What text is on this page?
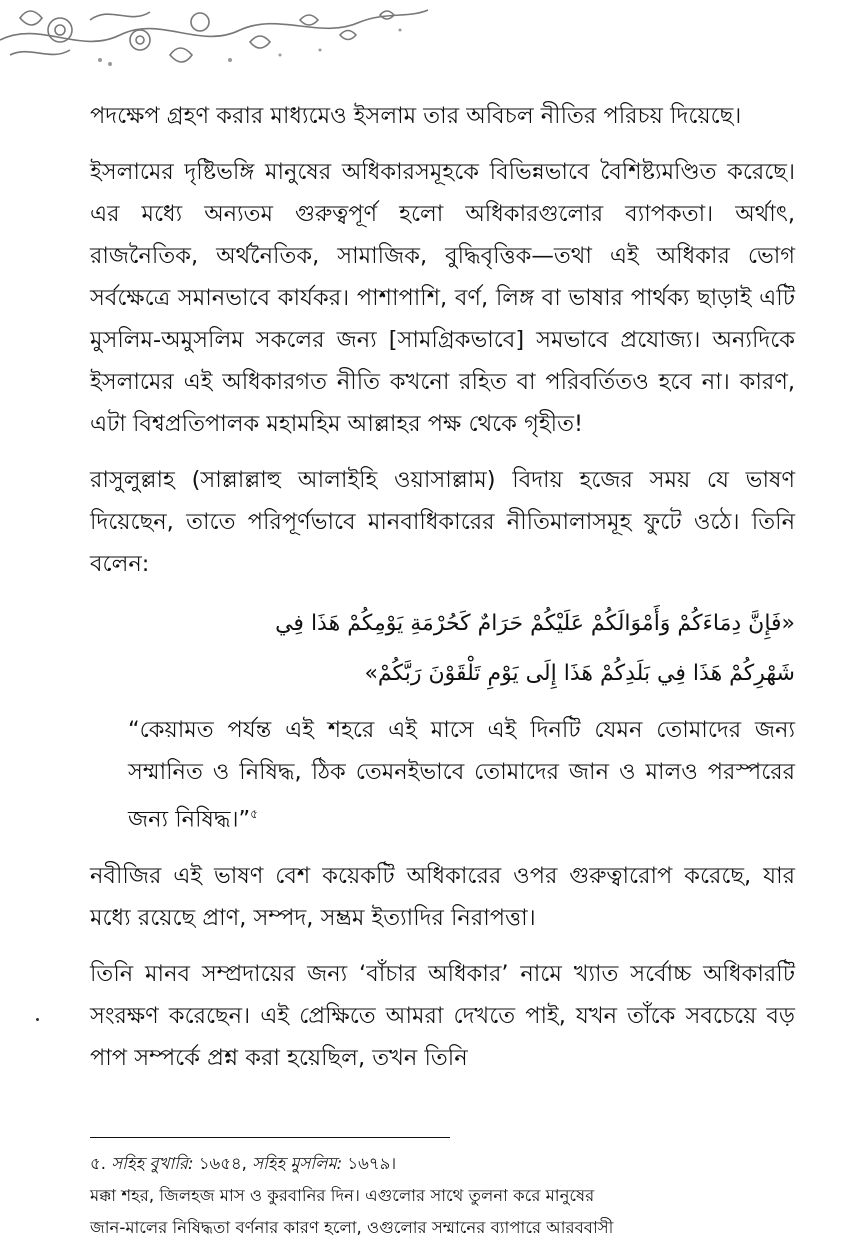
পদক্ষেপ গ্রহণ করার মাধ্যমেও ইসলাম তার অবিচল নীতির পরিচয় দিয়েছে।

ইসলামের দৃষ্টিভঙ্গি মানুষের অধিকারসমূহকে বিভিন্নভাবে বৈশিষ্ট্যমণ্ডিত করেছে। এর মধ্যে অন্যতম গুরুত্বপূর্ণ হলো অধিকারগুলোর ব্যাপকতা। অর্থাৎ, রাজনৈতিক, অর্থনৈতিক, সামাজিক, বুদ্ধিবৃত্তিক—তথা এই অধিকার ভোগ সর্বক্ষেত্রে সমানভাবে কার্যকর। পাশাপাশি, বর্ণ, লিঙ্গ বা ভাষার পার্থক্য ছাড়াই এটি মুসলিম-অমুসলিম সকলের জন্য [সামগ্রিকভাবে] সমভাবে প্রযোজ্য। অন্যদিকে ইসলামের এই অধিকারগত নীতি কখনো রহিত বা পরিবর্তিতও হবে না। কারণ, এটা বিশ্বপ্রতিপালক মহামহিম আল্লাহর পক্ষ থেকে গৃহীত!

রাসুলুল্লাহ (সাল্লাল্লাহু আলাইহি ওয়াসাল্লাম) বিদায় হজের সময় যে ভাষণ দিয়েছেন, তাতে পরিপূর্ণভাবে মানবাধিকারের নীতিমালাসমূহ ফুটে ওঠে। তিনি বলেন:

«فَإِنَّ دِمَاءَكُمْ وَأَمْوَالَكُمْ عَلَيْكُمْ حَرَامٌ كَحُرْمَةِ يَوْمِكُمْ هَذَا فِي
شَهْرِكُمْ هَذَا فِي بَلَدِكُمْ هَذَا إِلَى يَوْمِ تَلْقَوْنَ رَبَّكُمْ»

“কেয়ামত পর্যন্ত এই শহরে এই মাসে এই দিনটি যেমন তোমাদের জন্য সম্মানিত ও নিষিদ্ধ, ঠিক তেমনইভাবে তোমাদের জান ও মালও পরস্পরের জন্য নিষিদ্ধ।”$^৫$

নবীজির এই ভাষণ বেশ কয়েকটি অধিকারের ওপর গুরুত্বারোপ করেছে, যার মধ্যে রয়েছে প্রাণ, সম্পদ, সম্ভ্রম ইত্যাদির নিরাপত্তা।

তিনি মানব সম্প্রদায়ের জন্য ‘বাঁচার অধিকার’ নামে খ্যাত সর্বোচ্চ অধিকারটি সংরক্ষণ করেছেন। এই প্রেক্ষিতে আমরা দেখতে পাই, যখন তাঁকে সবচেয়ে বড় পাপ সম্পর্কে প্রশ্ন করা হয়েছিল, তখন তিনি

৫. সহিহ বুখারি: ১৬৫৪, সহিহ মুসলিম: ১৬৭৯।

মক্কা শহর, জিলহজ মাস ও কুরবানির দিন। এগুলোর সাথে তুলনা করে মানুষের

জান-মালের নিষিদ্ধতা বর্ণনার কারণ হলো, ওগুলোর সম্মানের ব্যাপারে আরববাসী
